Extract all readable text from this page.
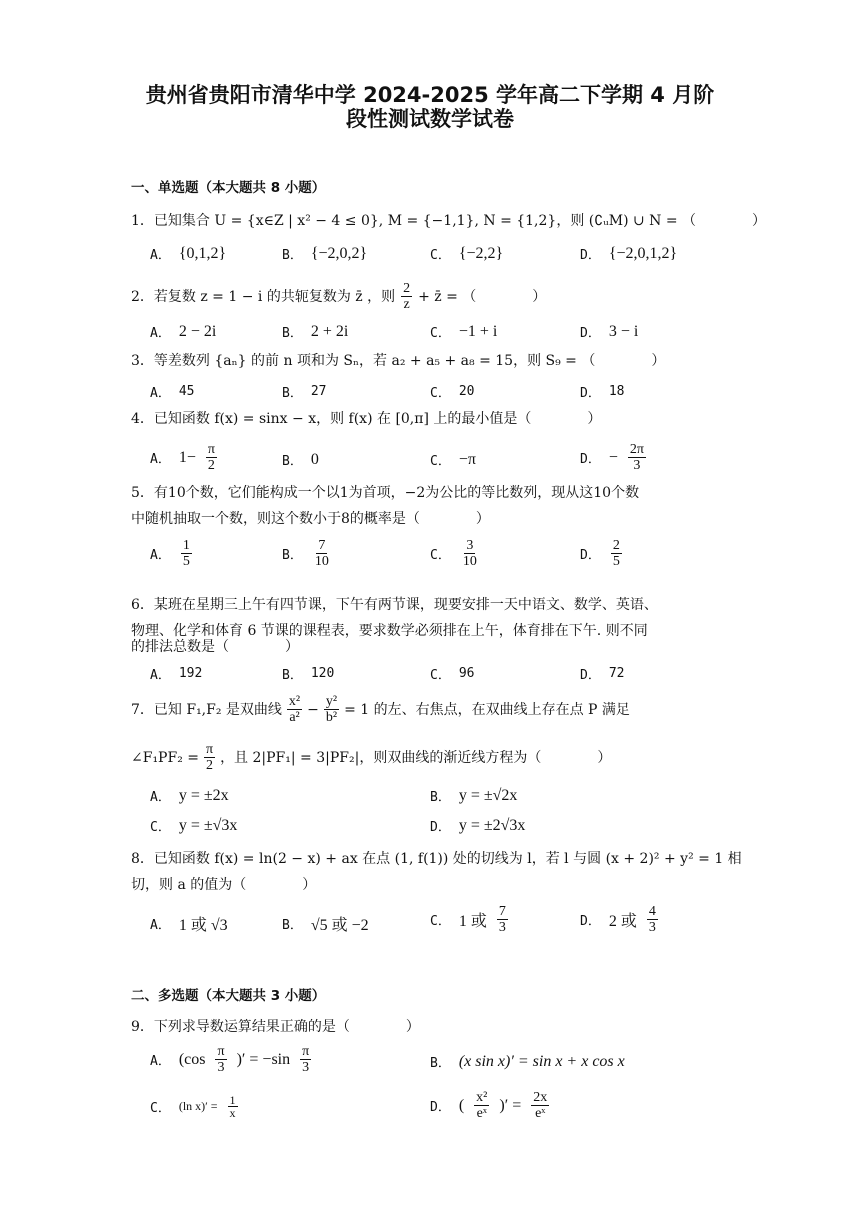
贵州省贵阳市清华中学 2024-2025 学年高二下学期 4 月阶
段性测试数学试卷
一、单选题（本大题共 8 小题）
1．已知集合 U = {x∈Z | x² − 4 ≤ 0}, M = {−1,1}, N = {1,2}，则 (∁ᵤM) ∪ N = （　　　　）
A． {0,1,2}	B． {−2,0,2}	C． {−2,2}	D． {−2,0,1,2}
2．若复数 z = 1 − i 的共轭复数为 z̄ ，则 $\frac{2}{z}$ + z̄ = （　　　　）
A． 2 − 2i	B． 2 + 2i	C． −1 + i	D． 3 − i
3．等差数列 {aₙ} 的前 n 项和为 Sₙ，若 a₂ + a₅ + a₈ = 15，则 S₉ = （　　　　）
A． 45	B． 27	C． 20	D． 18
4．已知函数 f(x) = sinx − x，则 f(x) 在 [0,π] 上的最小值是（　　　　）
A． $1- \frac{\pi}{2}$	B． 0	C． −π	D． − $\frac{2\pi}{3}$
5．有10个数，它们能构成一个以1为首项，−2为公比的等比数列，现从这10个数
中随机抽取一个数，则这个数小于8的概率是（　　　　）
A． $\frac{1}{5}$	B． $\frac{7}{10}$	C． $\frac{3}{10}$	D． $\frac{2}{5}$
6．某班在星期三上午有四节课，下午有两节课，现要安排一天中语文、数学、英语、
物理、化学和体育 6 节课的课程表，要求数学必须排在上午，体育排在下午. 则不同
的排法总数是（　　　　）
A． 192	B． 120	C． 96	D． 72
7．已知 F₁,F₂ 是双曲线 $\frac{\text{x²}}{\text{a²}} - \frac{\text{y²}}{\text{b²}} = 1$ 的左、右焦点，在双曲线上存在点 P 满足
∠F₁PF₂ = $\frac{\pi}{2}$ ，且 2|PF₁| = 3|PF₂|，则双曲线的渐近线方程为（　　　　）
A． y = ±2x	B． y = ±√2x
C． y = ±√3x	D． y = ±2√3x
8．已知函数 f(x) = ln(2 − x) + ax 在点 (1, f(1)) 处的切线为 l，若 l 与圆 (x + 2)² + y² = 1 相
切，则 a 的值为（　　　　）
A． 1 或 √3	B． √5 或 −2	C． 1 或 $\frac{7}{3}$	D． 2 或 $\frac{4}{3}$
二、多选题（本大题共 3 小题）
9．下列求导数运算结果正确的是（　　　　）
A． ($\cos \frac{\pi}{3}$ )′ = $-\sin \frac{\pi}{3}$	B． (x sin x)′ = sin x + x cos x
C． (ln $x)' = \frac{1}{x}$	D． ( $\frac{\text{x²}}{\text{eˣ}}$ )′ = $\frac{2x}{\text{eˣ}}$
